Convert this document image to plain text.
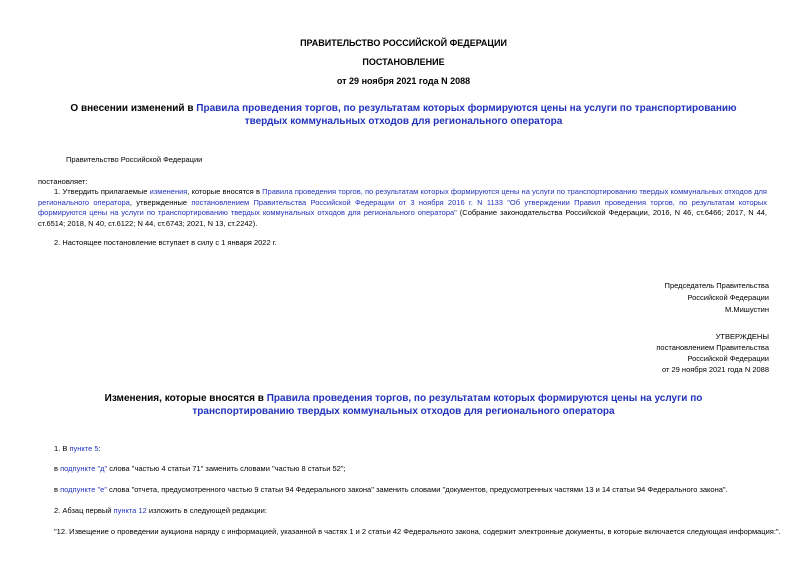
ПРАВИТЕЛЬСТВО РОССИЙСКОЙ ФЕДЕРАЦИИ
ПОСТАНОВЛЕНИЕ
от 29 ноября 2021 года N 2088
О внесении изменений в Правила проведения торгов, по результатам которых формируются цены на услуги по транспортированию твердых коммунальных отходов для регионального оператора
Правительство Российской Федерации
постановляет:
1. Утвердить прилагаемые изменения, которые вносятся в Правила проведения торгов, по результатам которых формируются цены на услуги по транспортированию твердых коммунальных отходов для регионального оператора, утвержденные постановлением Правительства Российской Федерации от 3 ноября 2016 г. N 1133 "Об утверждении Правил проведения торгов, по результатам которых формируются цены на услуги по транспортированию твердых коммунальных отходов для регионального оператора" (Собрание законодательства Российской Федерации, 2016, N 46, ст.6466; 2017, N 44, ст.6514; 2018, N 40, ст.6122; N 44, ст.6743; 2021, N 13, ст.2242).
2. Настоящее постановление вступает в силу с 1 января 2022 г.
Председатель Правительства
Российской Федерации
М.Мишустин
УТВЕРЖДЕНЫ
постановлением Правительства
Российской Федерации
от 29 ноября 2021 года N 2088
Изменения, которые вносятся в Правила проведения торгов, по результатам которых формируются цены на услуги по транспортированию твердых коммунальных отходов для регионального оператора
1. В пункте 5:
в подпункте "д" слова "частью 4 статьи 71" заменить словами "частью 8 статьи 52";
в подпункте "е" слова "отчета, предусмотренного частью 9 статьи 94 Федерального закона" заменить словами "документов, предусмотренных частями 13 и 14 статьи 94 Федерального закона".
2. Абзац первый пункта 12 изложить в следующей редакции:
"12. Извещение о проведении аукциона наряду с информацией, указанной в частях 1 и 2 статьи 42 Федерального закона, содержит электронные документы, в которые включается следующая информация:".
